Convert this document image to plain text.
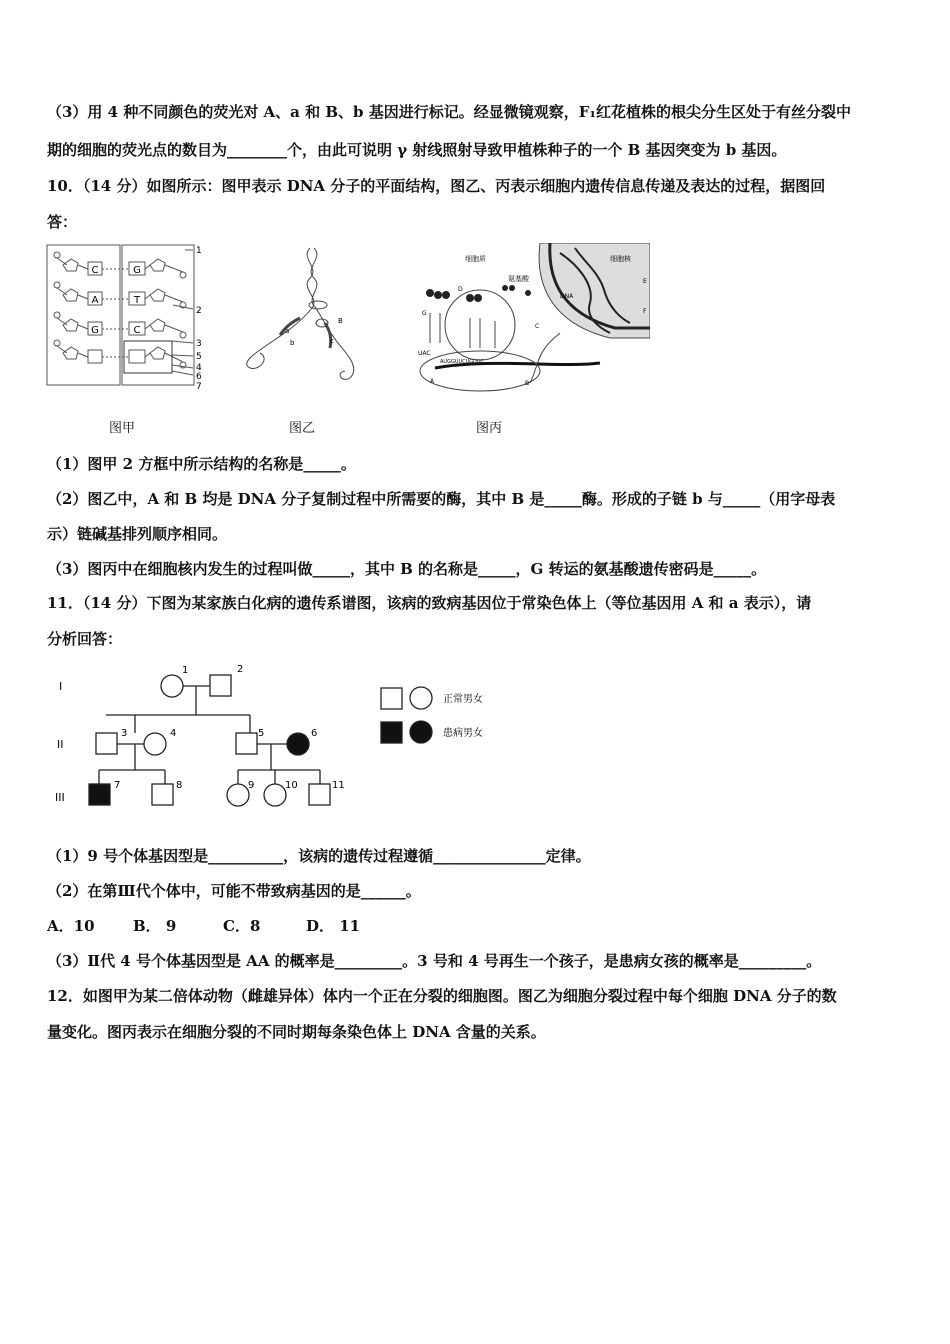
（3）用 4 种不同颜色的荧光对 A、a 和 B、b 基因进行标记。经显微镜观察，F₁红花植株的根尖分生区处于有丝分裂中
期的细胞的荧光点的数目为________个，由此可说明 γ 射线照射导致甲植株种子的一个 B 基因突变为 b 基因。
10．（14 分）如图所示：图甲表示 DNA 分子的平面结构，图乙、丙表示细胞内遗传信息传递及表达的过程，据图回
答：
C	G
A	T
G	C
1
2
3
5
4
6
7
a
B
c
b
细胞质
氨基酸
细胞核
DNA
UAC
AUGGUUCUGUUC
D
G
C
A	B
E
F
图甲	图乙	图丙
（1）图甲 2 方框中所示结构的名称是_____。
（2）图乙中，A 和 B 均是 DNA 分子复制过程中所需要的酶，其中 B 是_____酶。形成的子链 b 与_____（用字母表
示）链碱基排列顺序相同。
（3）图丙中在细胞核内发生的过程叫做_____，其中 B 的名称是_____，G 转运的氨基酸遗传密码是_____。
11．（14 分）下图为某家族白化病的遗传系谱图，该病的致病基因位于常染色体上（等位基因用 A 和 a 表示），请
分析回答：
I
II
III
1	2
3	4	5	6
7	8	9	10	11
正常男女
患病男女
（1）9 号个体基因型是__________，该病的遗传过程遵循_______________定律。
（2）在第Ⅲ代个体中，可能不带致病基因的是______。
A．10	B． 9	C．8	D． 11
（3）Ⅱ代 4 号个体基因型是 AA 的概率是_________。3 号和 4 号再生一个孩子，是患病女孩的概率是_________。
12．如图甲为某二倍体动物（雌雄异体）体内一个正在分裂的细胞图。图乙为细胞分裂过程中每个细胞 DNA 分子的数
量变化。图丙表示在细胞分裂的不同时期每条染色体上 DNA 含量的关系。
